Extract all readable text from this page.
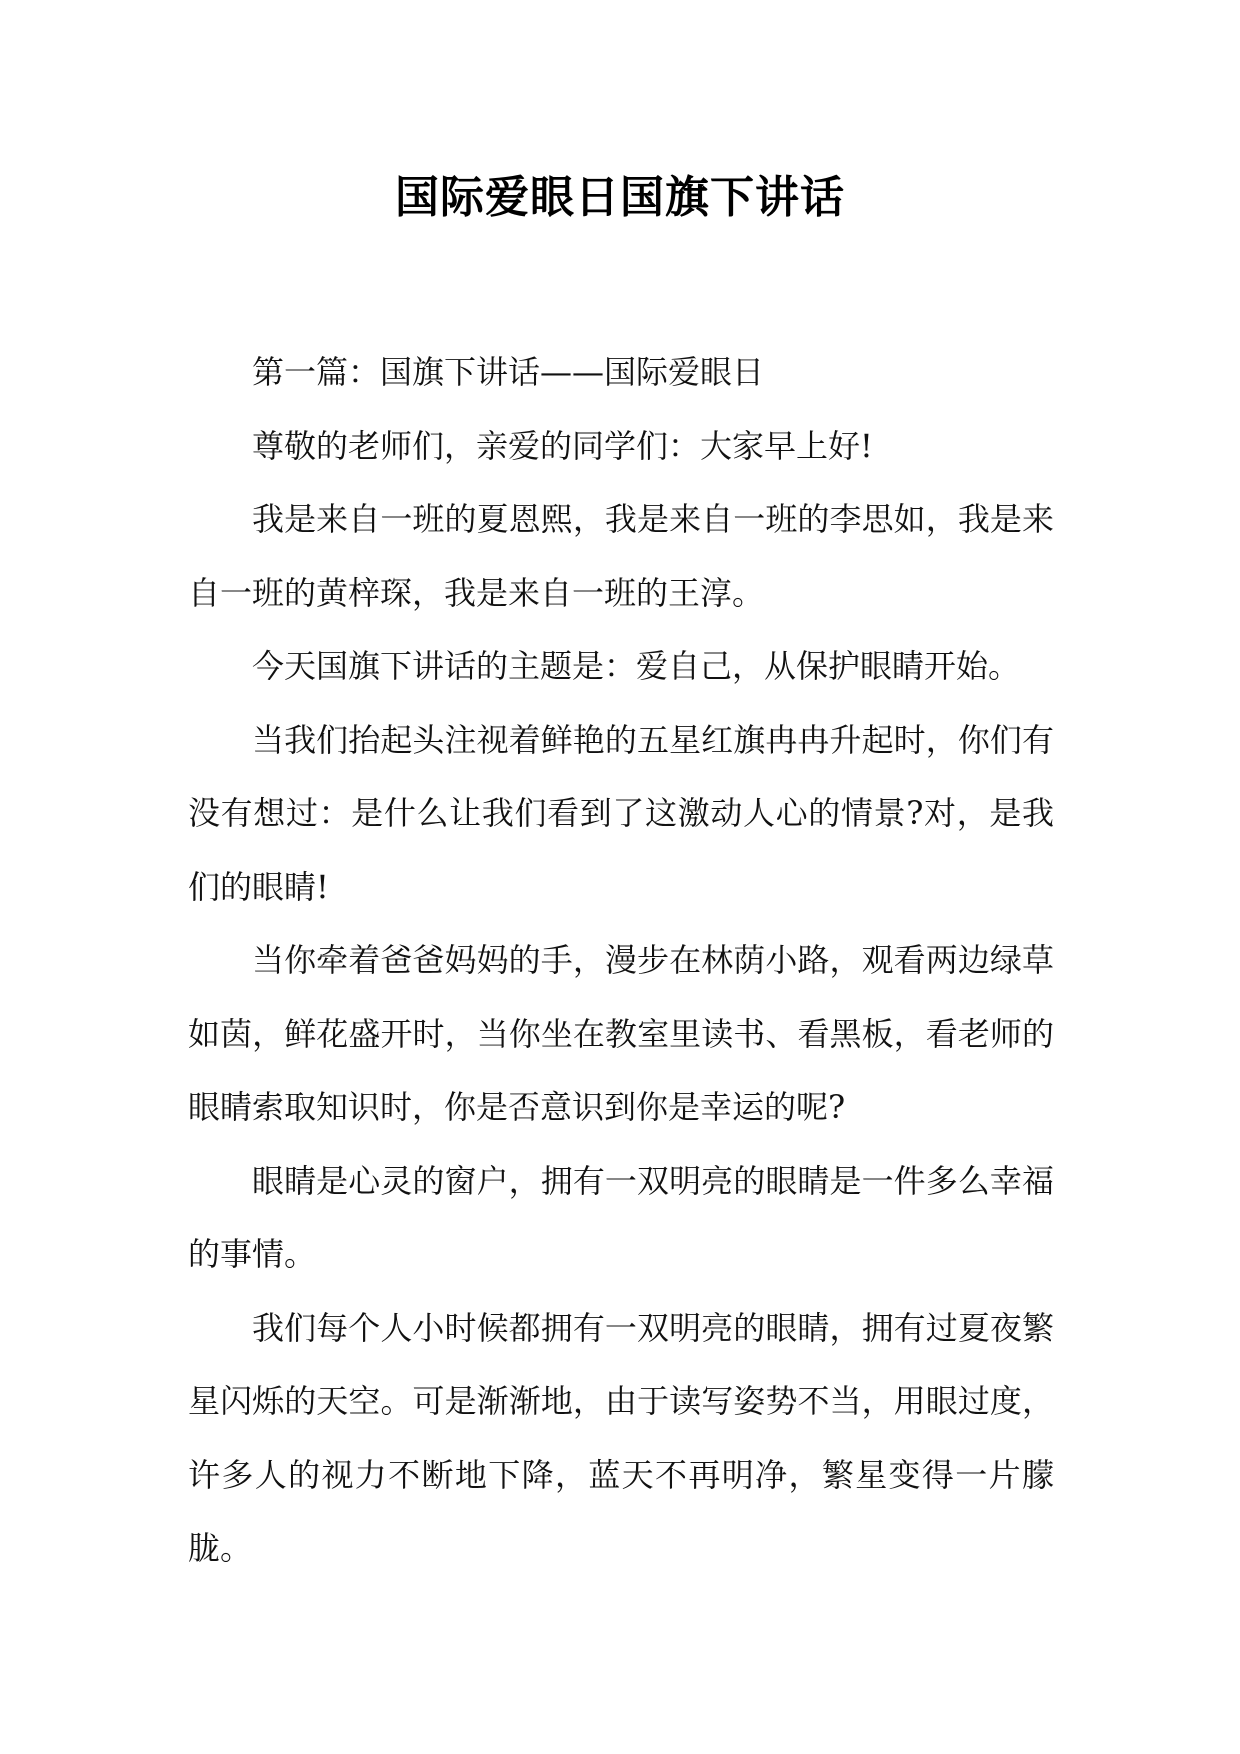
国际爱眼日国旗下讲话

第一篇：国旗下讲话——国际爱眼日

尊敬的老师们，亲爱的同学们：大家早上好!

我是来自一班的夏恩熙，我是来自一班的李思如，我是来自一班的黄梓琛，我是来自一班的王淳。

今天国旗下讲话的主题是：爱自己，从保护眼睛开始。

当我们抬起头注视着鲜艳的五星红旗冉冉升起时，你们有没有想过：是什么让我们看到了这激动人心的情景?对，是我们的眼睛!

当你牵着爸爸妈妈的手，漫步在林荫小路，观看两边绿草如茵，鲜花盛开时，当你坐在教室里读书、看黑板，看老师的眼睛索取知识时，你是否意识到你是幸运的呢?

眼睛是心灵的窗户，拥有一双明亮的眼睛是一件多么幸福的事情。

我们每个人小时候都拥有一双明亮的眼睛，拥有过夏夜繁星闪烁的天空。可是渐渐地，由于读写姿势不当，用眼过度，许多人的视力不断地下降，蓝天不再明净，繁星变得一片朦胧。
